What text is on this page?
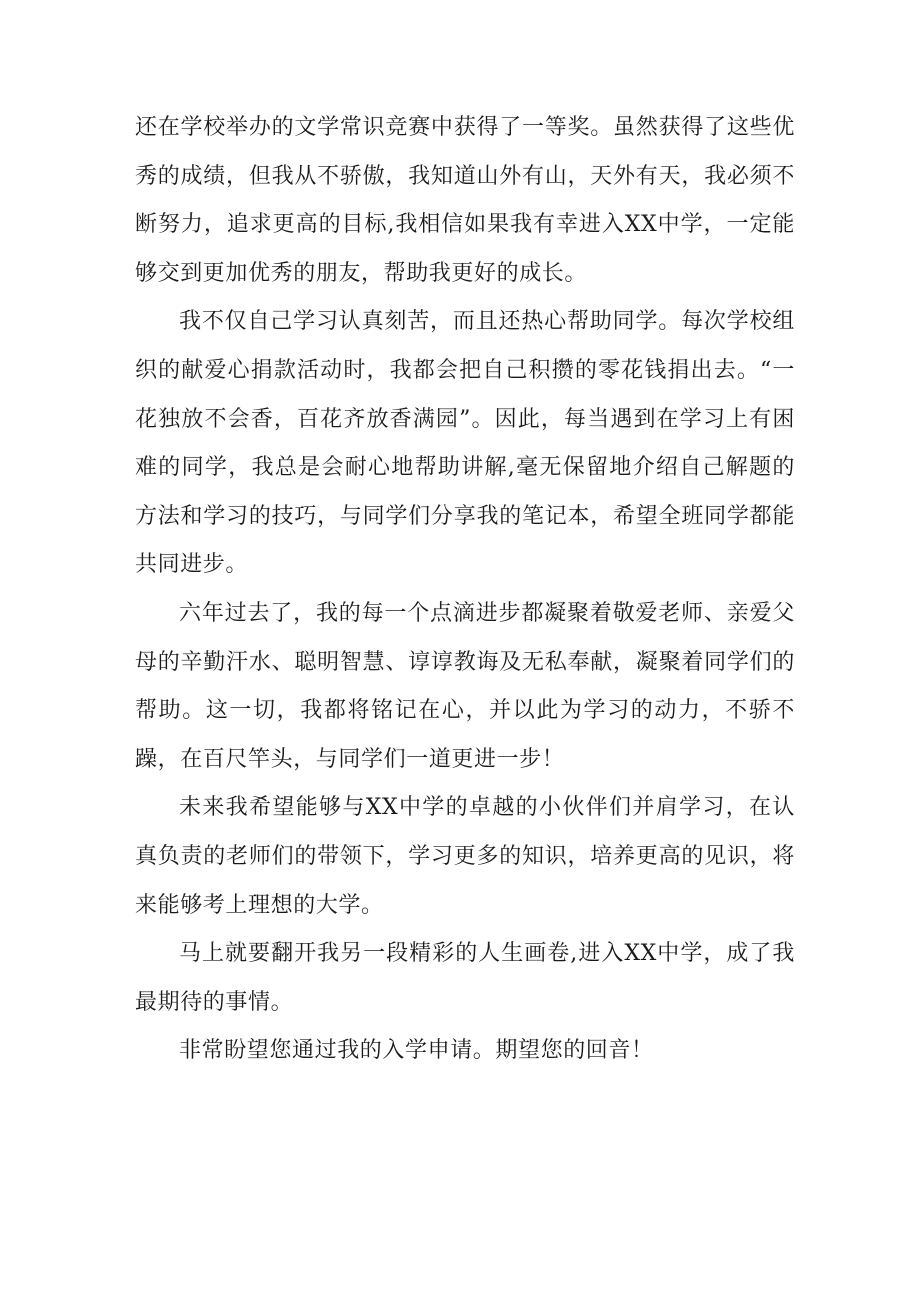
还在学校举办的文学常识竞赛中获得了一等奖。虽然获得了这些优秀的成绩，但我从不骄傲，我知道山外有山，天外有天，我必须不断努力，追求更高的目标,我相信如果我有幸进入XX中学，一定能够交到更加优秀的朋友，帮助我更好的成长。

我不仅自己学习认真刻苦，而且还热心帮助同学。每次学校组织的献爱心捐款活动时，我都会把自己积攒的零花钱捐出去。“一花独放不会香，百花齐放香满园”。因此，每当遇到在学习上有困难的同学，我总是会耐心地帮助讲解,毫无保留地介绍自己解题的方法和学习的技巧，与同学们分享我的笔记本，希望全班同学都能共同进步。

六年过去了，我的每一个点滴进步都凝聚着敬爱老师、亲爱父母的辛勤汗水、聪明智慧、谆谆教诲及无私奉献，凝聚着同学们的帮助。这一切，我都将铭记在心，并以此为学习的动力，不骄不躁，在百尺竿头，与同学们一道更进一步！

未来我希望能够与XX中学的卓越的小伙伴们并肩学习，在认真负责的老师们的带领下，学习更多的知识，培养更高的见识，将来能够考上理想的大学。

马上就要翻开我另一段精彩的人生画卷,进入XX中学，成了我最期待的事情。

非常盼望您通过我的入学申请。期望您的回音！
